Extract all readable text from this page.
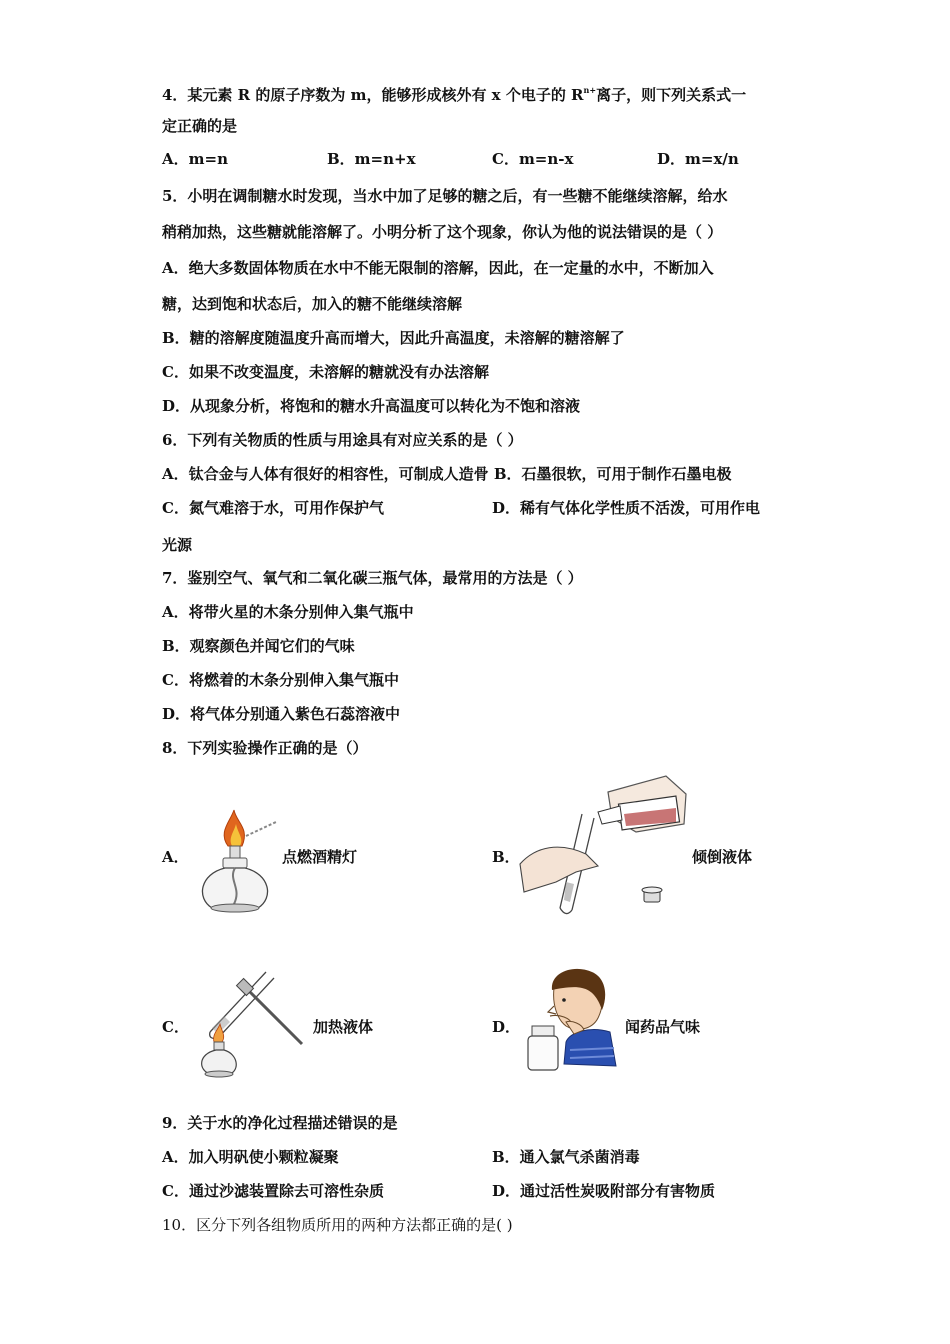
4．某元素 R 的原子序数为 m，能够形成核外有 x 个电子的 $R^{n+}$离子，则下列关系式一
定正确的是
A．m=n	B．m=n+x	C．m=n-x	D．m=x/n
5．小明在调制糖水时发现，当水中加了足够的糖之后，有一些糖不能继续溶解，给水
稍稍加热，这些糖就能溶解了。小明分析了这个现象，你认为他的说法错误的是（ ）
A．绝大多数固体物质在水中不能无限制的溶解，因此，在一定量的水中，不断加入
糖，达到饱和状态后，加入的糖不能继续溶解
B．糖的溶解度随温度升高而增大，因此升高温度，未溶解的糖溶解了
C．如果不改变温度，未溶解的糖就没有办法溶解
D．从现象分析，将饱和的糖水升高温度可以转化为不饱和溶液
6．下列有关物质的性质与用途具有对应关系的是（ ）
A．钛合金与人体有很好的相容性，可制成人造骨 B．石墨很软，可用于制作石墨电极
C．氮气难溶于水，可用作保护气	D．稀有气体化学性质不活泼，可用作电
光源
7．鉴别空气、氧气和二氧化碳三瓶气体，最常用的方法是（ ）
A．将带火星的木条分别伸入集气瓶中
B．观察颜色并闻它们的气味
C．将燃着的木条分别伸入集气瓶中
D．将气体分别通入紫色石蕊溶液中
8．下列实验操作正确的是（）
A．	点燃酒精灯	B．	倾倒液体
C．	加热液体	D．	闻药品气味
9．关于水的净化过程描述错误的是
A．加入明矾使小颗粒凝聚	B．通入氯气杀菌消毒
C．通过沙滤装置除去可溶性杂质	D．通过活性炭吸附部分有害物质
10．区分下列各组物质所用的两种方法都正确的是( )
